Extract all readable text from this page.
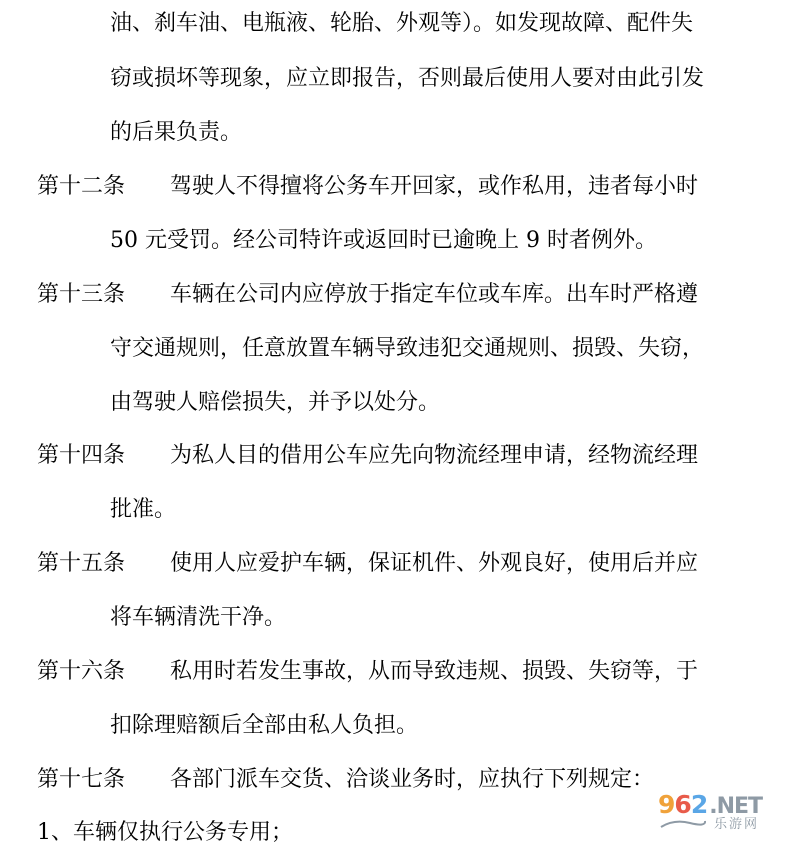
油、刹车油、电瓶液、轮胎、外观等）。如发现故障、配件失
窃或损坏等现象，应立即报告，否则最后使用人要对由此引发
的后果负责。
第十二条 驾驶人不得擅将公务车开回家，或作私用，违者每小时
50 元受罚。经公司特许或返回时已逾晚上 9 时者例外。
第十三条 车辆在公司内应停放于指定车位或车库。出车时严格遵
守交通规则，任意放置车辆导致违犯交通规则、损毁、失窃，
由驾驶人赔偿损失，并予以处分。
第十四条 为私人目的借用公车应先向物流经理申请，经物流经理
批准。
第十五条 使用人应爱护车辆，保证机件、外观良好，使用后并应
将车辆清洗干净。
第十六条 私用时若发生事故，从而导致违规、损毁、失窃等，于
扣除理赔额后全部由私人负担。
第十七条 各部门派车交货、洽谈业务时，应执行下列规定：
1、车辆仅执行公务专用；
962.NET
乐游网
